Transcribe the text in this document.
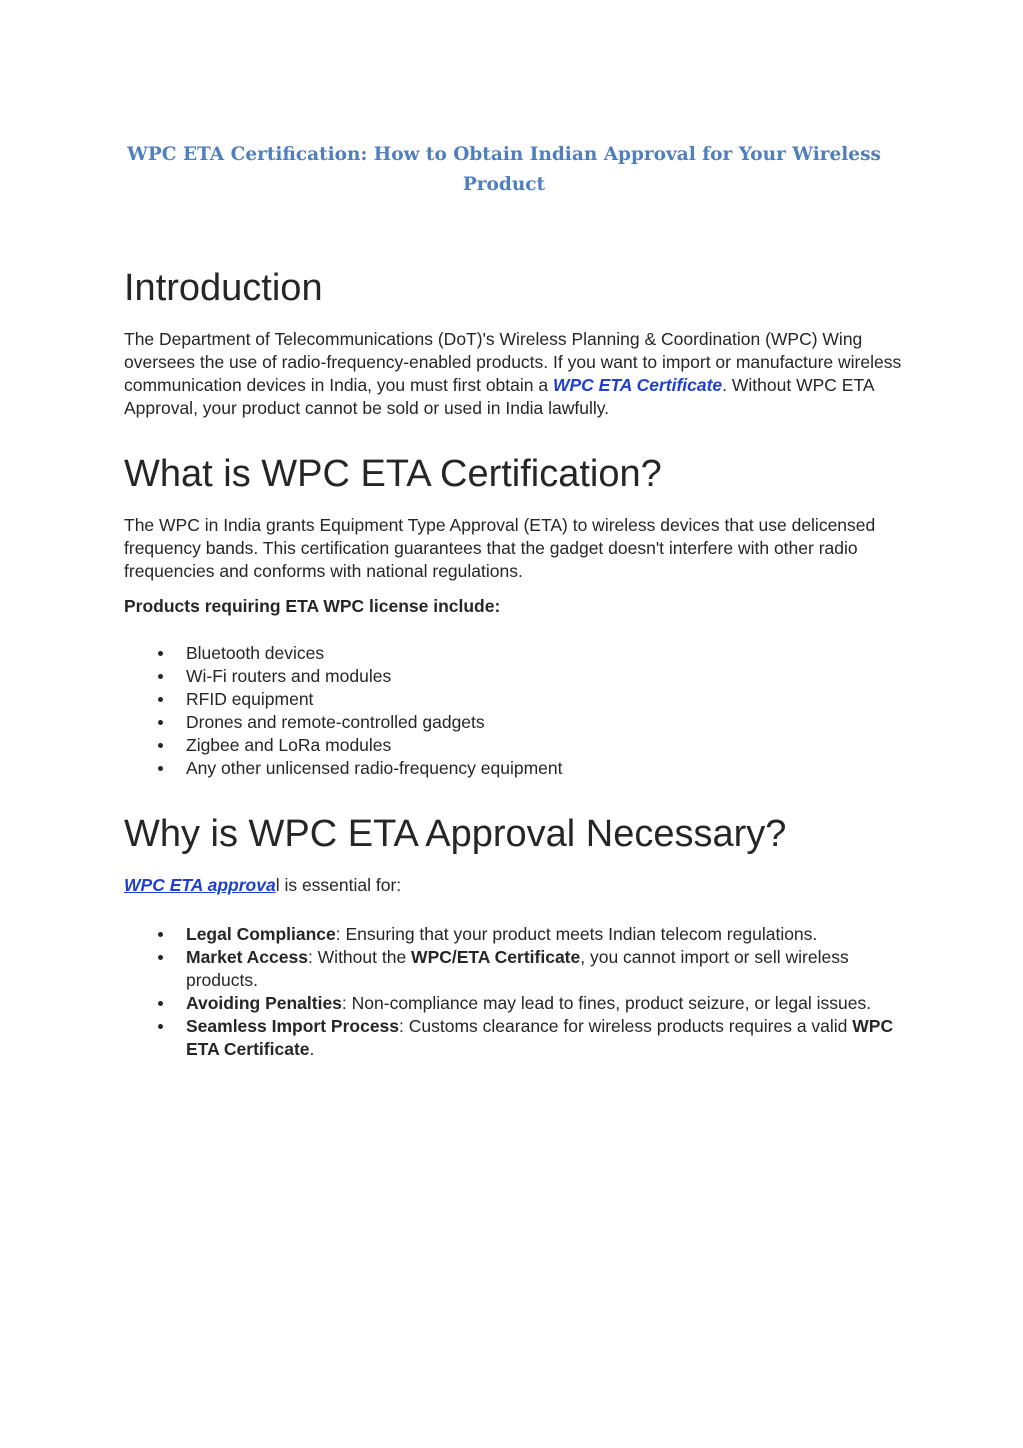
WPC ETA Certification: How to Obtain Indian Approval for Your Wireless Product
Introduction

The Department of Telecommunications (DoT)'s Wireless Planning & Coordination (WPC) Wing oversees the use of radio-frequency-enabled products. If you want to import or manufacture wireless communication devices in India, you must first obtain a WPC ETA Certificate. Without WPC ETA Approval, your product cannot be sold or used in India lawfully.

What is WPC ETA Certification?

The WPC in India grants Equipment Type Approval (ETA) to wireless devices that use delicensed frequency bands. This certification guarantees that the gadget doesn't interfere with other radio frequencies and conforms with national regulations.

Products requiring ETA WPC license include:

Bluetooth devices
Wi-Fi routers and modules
RFID equipment
Drones and remote-controlled gadgets
Zigbee and LoRa modules
Any other unlicensed radio-frequency equipment
Why is WPC ETA Approval Necessary?

WPC ETA approval is essential for:

Legal Compliance: Ensuring that your product meets Indian telecom regulations.
Market Access: Without the WPC/ETA Certificate, you cannot import or sell wireless products.
Avoiding Penalties: Non-compliance may lead to fines, product seizure, or legal issues.
Seamless Import Process: Customs clearance for wireless products requires a valid WPC ETA Certificate.
